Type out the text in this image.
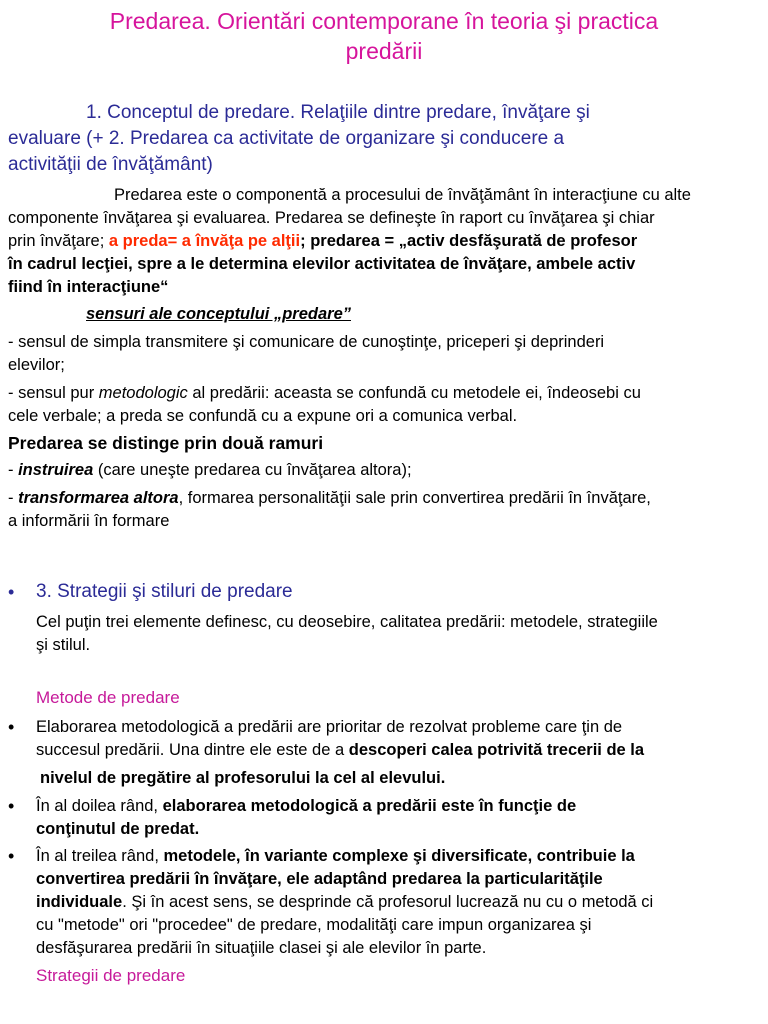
Predarea. Orientări contemporane în teoria şi practica
predării
1. Conceptul de predare. Relaţiile dintre predare, învăţare şi
evaluare (+ 2. Predarea ca activitate de organizare şi conducere a
activităţii de învăţământ)
Predarea este o componentă a procesului de învăţământ în interacţiune cu alte
componente învăţarea şi evaluarea. Predarea se defineşte în raport cu învăţarea şi chiar
prin învăţare; a preda= a învăţa pe alţii; predarea = „activ desfăşurată de profesor
în cadrul lecţiei, spre a le determina elevilor activitatea de învăţare, ambele activ
fiind în interacţiune“
sensuri ale conceptului „predare”
- sensul de simpla transmitere şi comunicare de cunoştinţe, priceperi şi deprinderi
elevilor;
- sensul pur metodologic al predării: aceasta se confundă cu metodele ei, îndeosebi cu
cele verbale; a preda se confundă cu a expune ori a comunica verbal.
Predarea se distinge prin două ramuri
- instruirea (care uneşte predarea cu învăţarea altora);
- transformarea altora, formarea personalităţii sale prin convertirea predării în învăţare,
a informării în formare
• 3. Strategii şi stiluri de predare
Cel puţin trei elemente definesc, cu deosebire, calitatea predării: metodele, strategiile
şi stilul.
Metode de predare
• Elaborarea metodologică a predării are prioritar de rezolvat probleme care ţin de
succesul predării. Una dintre ele este de a descoperi calea potrivită trecerii de la
nivelul de pregătire al profesorului la cel al elevului.
• În al doilea rând, elaborarea metodologică a predării este în funcţie de
conţinutul de predat.
• În al treilea rând, metodele, în variante complexe şi diversificate, contribuie la
convertirea predării în învăţare, ele adaptând predarea la particularităţile
individuale. Şi în acest sens, se desprinde că profesorul lucrează nu cu o metodă ci
cu "metode" ori "procedee" de predare, modalităţi care impun organizarea şi
desfăşurarea predării în situaţiile clasei şi ale elevilor în parte.
Strategii de predare
